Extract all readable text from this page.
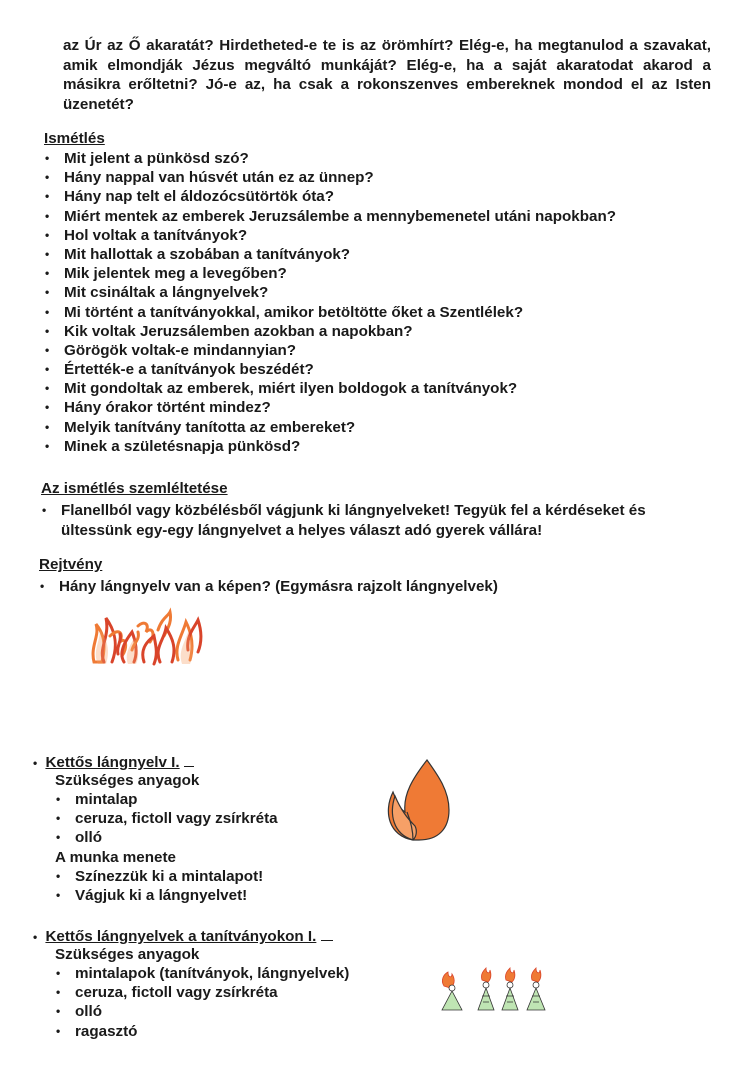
az Úr az Ő akaratát? Hirdetheted-e te is az örömhírt? Elég-e, ha megtanulod a szavakat, amik elmondják Jézus megváltó munkáját? Elég-e, ha a saját akaratodat akarod a másikra erőltetni? Jó-e az, ha csak a rokonszenves embereknek mondod el az Isten üzenetét?
Ismétlés
• Mit jelent a pünkösd szó?
• Hány nappal van húsvét után ez az ünnep?
• Hány nap telt el áldozócsütörtök óta?
• Miért mentek az emberek Jeruzsálembe a mennybemenetel utáni napokban?
• Hol voltak a tanítványok?
• Mit hallottak a szobában a tanítványok?
• Mik jelentek meg a levegőben?
• Mit csináltak a lángnyelvek?
• Mi történt a tanítványokkal, amikor betöltötte őket a Szentlélek?
• Kik voltak Jeruzsálemben azokban a napokban?
• Görögök voltak-e mindannyian?
• Értették-e a tanítványok beszédét?
• Mit gondoltak az emberek, miért ilyen boldogok a tanítványok?
• Hány órakor történt mindez?
• Melyik tanítvány tanította az embereket?
• Minek a születésnapja pünkösd?
Az ismétlés szemléltetése
• Flanellból vagy közbélésből vágjunk ki lángnyelveket! Tegyük fel a kérdéseket és ültessünk egy-egy lángnyelvet a helyes választ adó gyerek vállára!
Rejtvény
• Hány lángnyelv van a képen? (Egymásra rajzolt lángnyelvek)
• Kettős lángnyelv I.
Szükséges anyagok
• mintalap
• ceruza, fictoll vagy zsírkréta
• olló
A munka menete
• Színezzük ki a mintalapot!
• Vágjuk ki a lángnyelvet!
• Kettős lángnyelvek a tanítványokon I.
Szükséges anyagok
• mintalapok (tanítványok, lángnyelvek)
• ceruza, fictoll vagy zsírkréta
• olló
• ragasztó
